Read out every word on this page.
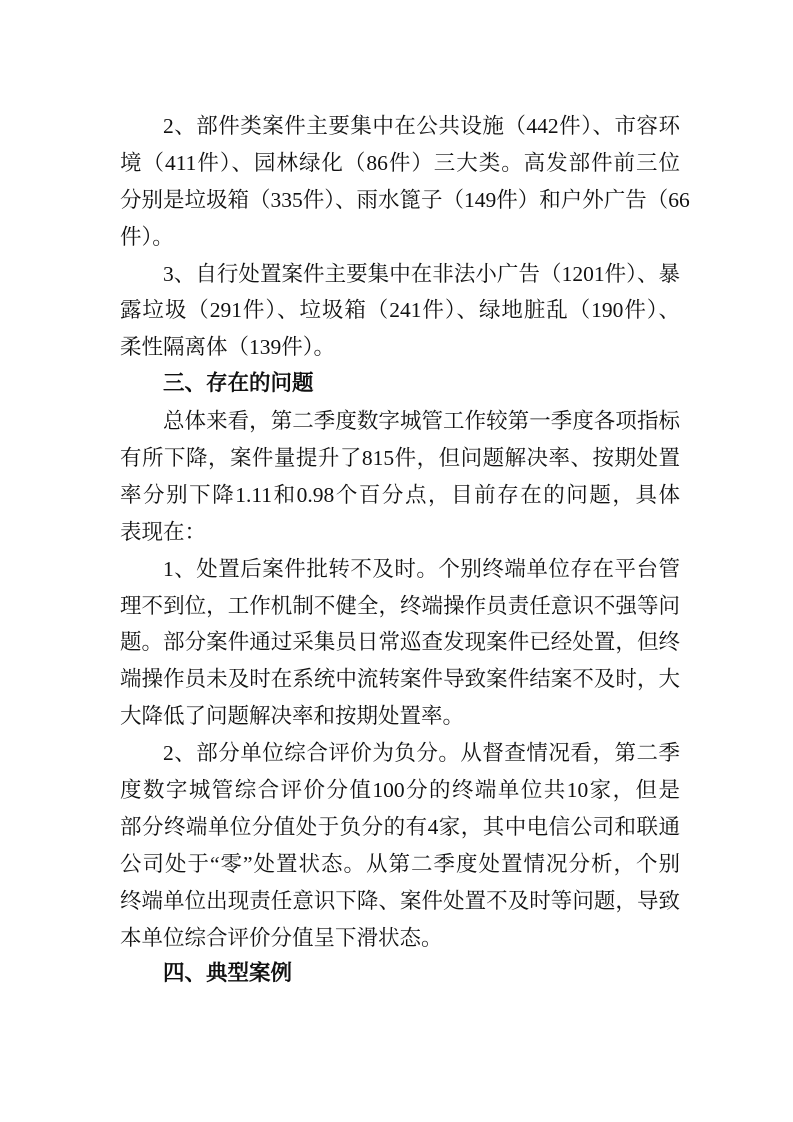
2、部件类案件主要集中在公共设施（442件）、市容环
境（411件）、园林绿化（86件）三大类。高发部件前三位
分别是垃圾箱（335件）、雨水篦子（149件）和户外广告（66
件）。
3、自行处置案件主要集中在非法小广告（1201件）、暴
露垃圾（291件）、垃圾箱（241件）、绿地脏乱（190件）、
柔性隔离体（139件）。
三、存在的问题
总体来看，第二季度数字城管工作较第一季度各项指标
有所下降，案件量提升了815件，但问题解决率、按期处置
率分别下降1.11和0.98个百分点，目前存在的问题，具体
表现在：
1、处置后案件批转不及时。个别终端单位存在平台管
理不到位，工作机制不健全，终端操作员责任意识不强等问
题。部分案件通过采集员日常巡查发现案件已经处置，但终
端操作员未及时在系统中流转案件导致案件结案不及时，大
大降低了问题解决率和按期处置率。
2、部分单位综合评价为负分。从督查情况看，第二季
度数字城管综合评价分值100分的终端单位共10家，但是
部分终端单位分值处于负分的有4家，其中电信公司和联通
公司处于“零”处置状态。从第二季度处置情况分析，个别
终端单位出现责任意识下降、案件处置不及时等问题，导致
本单位综合评价分值呈下滑状态。
四、典型案例
